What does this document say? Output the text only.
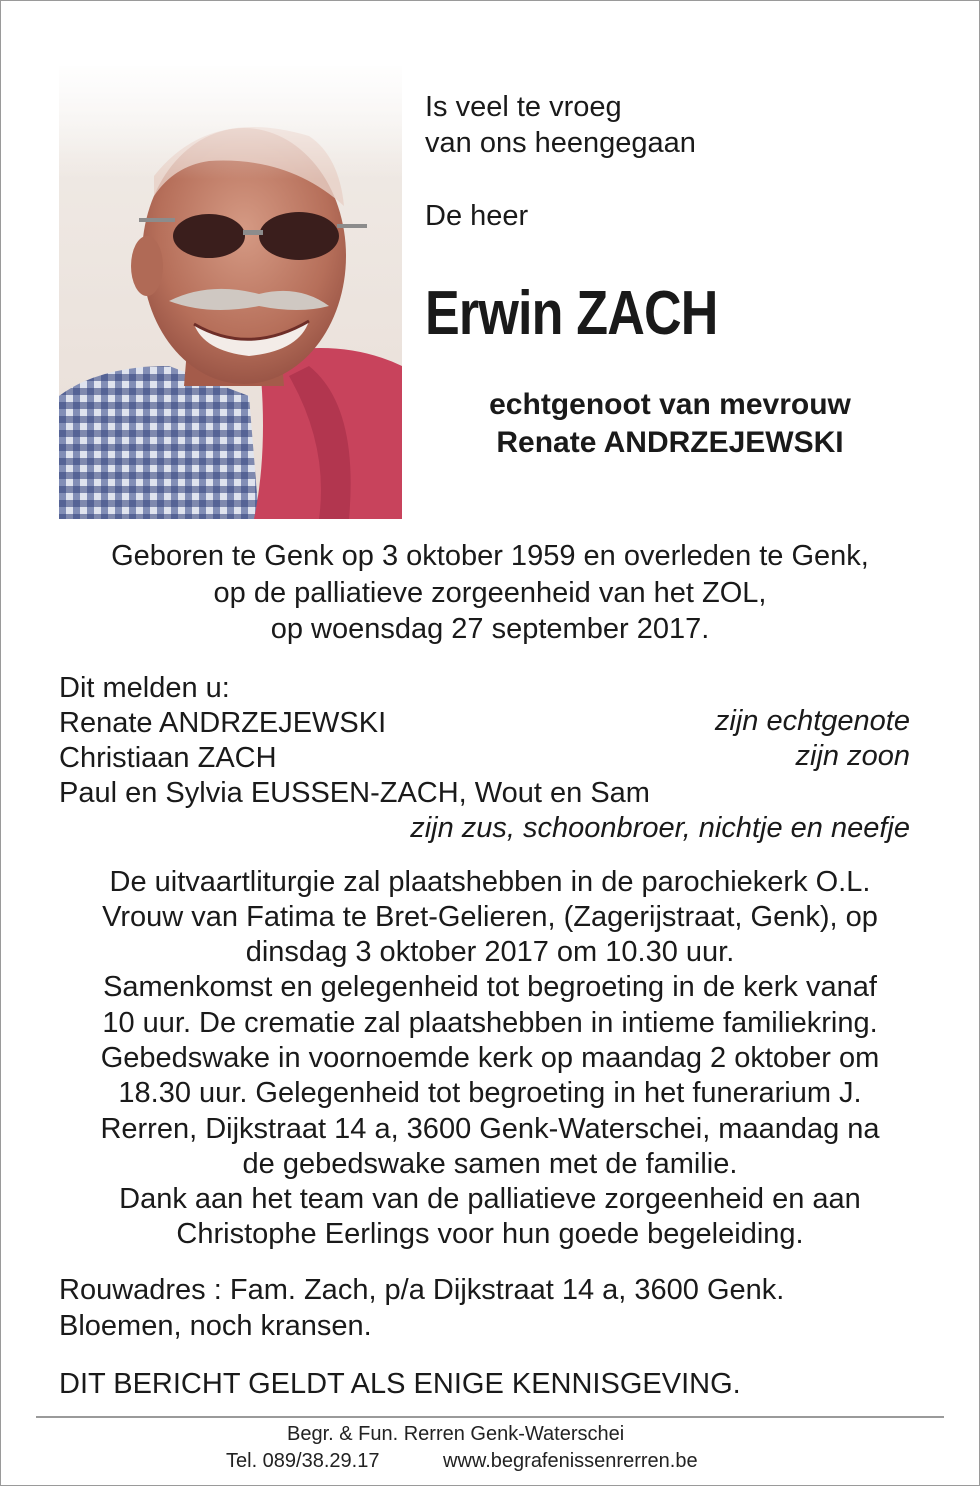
Is veel te vroeg
van ons heengegaan
De heer
Erwin ZACH
echtgenoot van mevrouw
Renate ANDRZEJEWSKI
Geboren te Genk op 3 oktober 1959 en overleden te Genk,
op de palliatieve zorgeenheid van het ZOL,
op woensdag 27 september 2017.
Dit melden u:
Renate ANDRZEJEWSKI	zijn echtgenote
Christiaan ZACH	zijn zoon
Paul en Sylvia EUSSEN-ZACH, Wout en Sam
zijn zus, schoonbroer, nichtje en neefje
De uitvaartliturgie zal plaatshebben in de parochiekerk O.L.
Vrouw van Fatima te Bret-Gelieren, (Zagerijstraat, Genk), op
dinsdag 3 oktober 2017 om 10.30 uur.
Samenkomst en gelegenheid tot begroeting in de kerk vanaf
10 uur. De crematie zal plaatshebben in intieme familiekring.
Gebedswake in voornoemde kerk op maandag 2 oktober om
18.30 uur. Gelegenheid tot begroeting in het funerarium J.
Rerren, Dijkstraat 14 a, 3600 Genk-Waterschei, maandag na
de gebedswake samen met de familie.
Dank aan het team van de palliatieve zorgeenheid en aan
Christophe Eerlings voor hun goede begeleiding.
Rouwadres : Fam. Zach, p/a Dijkstraat 14 a, 3600 Genk.
Bloemen, noch kransen.
DIT BERICHT GELDT ALS ENIGE KENNISGEVING.
Begr. & Fun. Rerren Genk-Waterschei
Tel. 089/38.29.17	www.begrafenissenrerren.be
